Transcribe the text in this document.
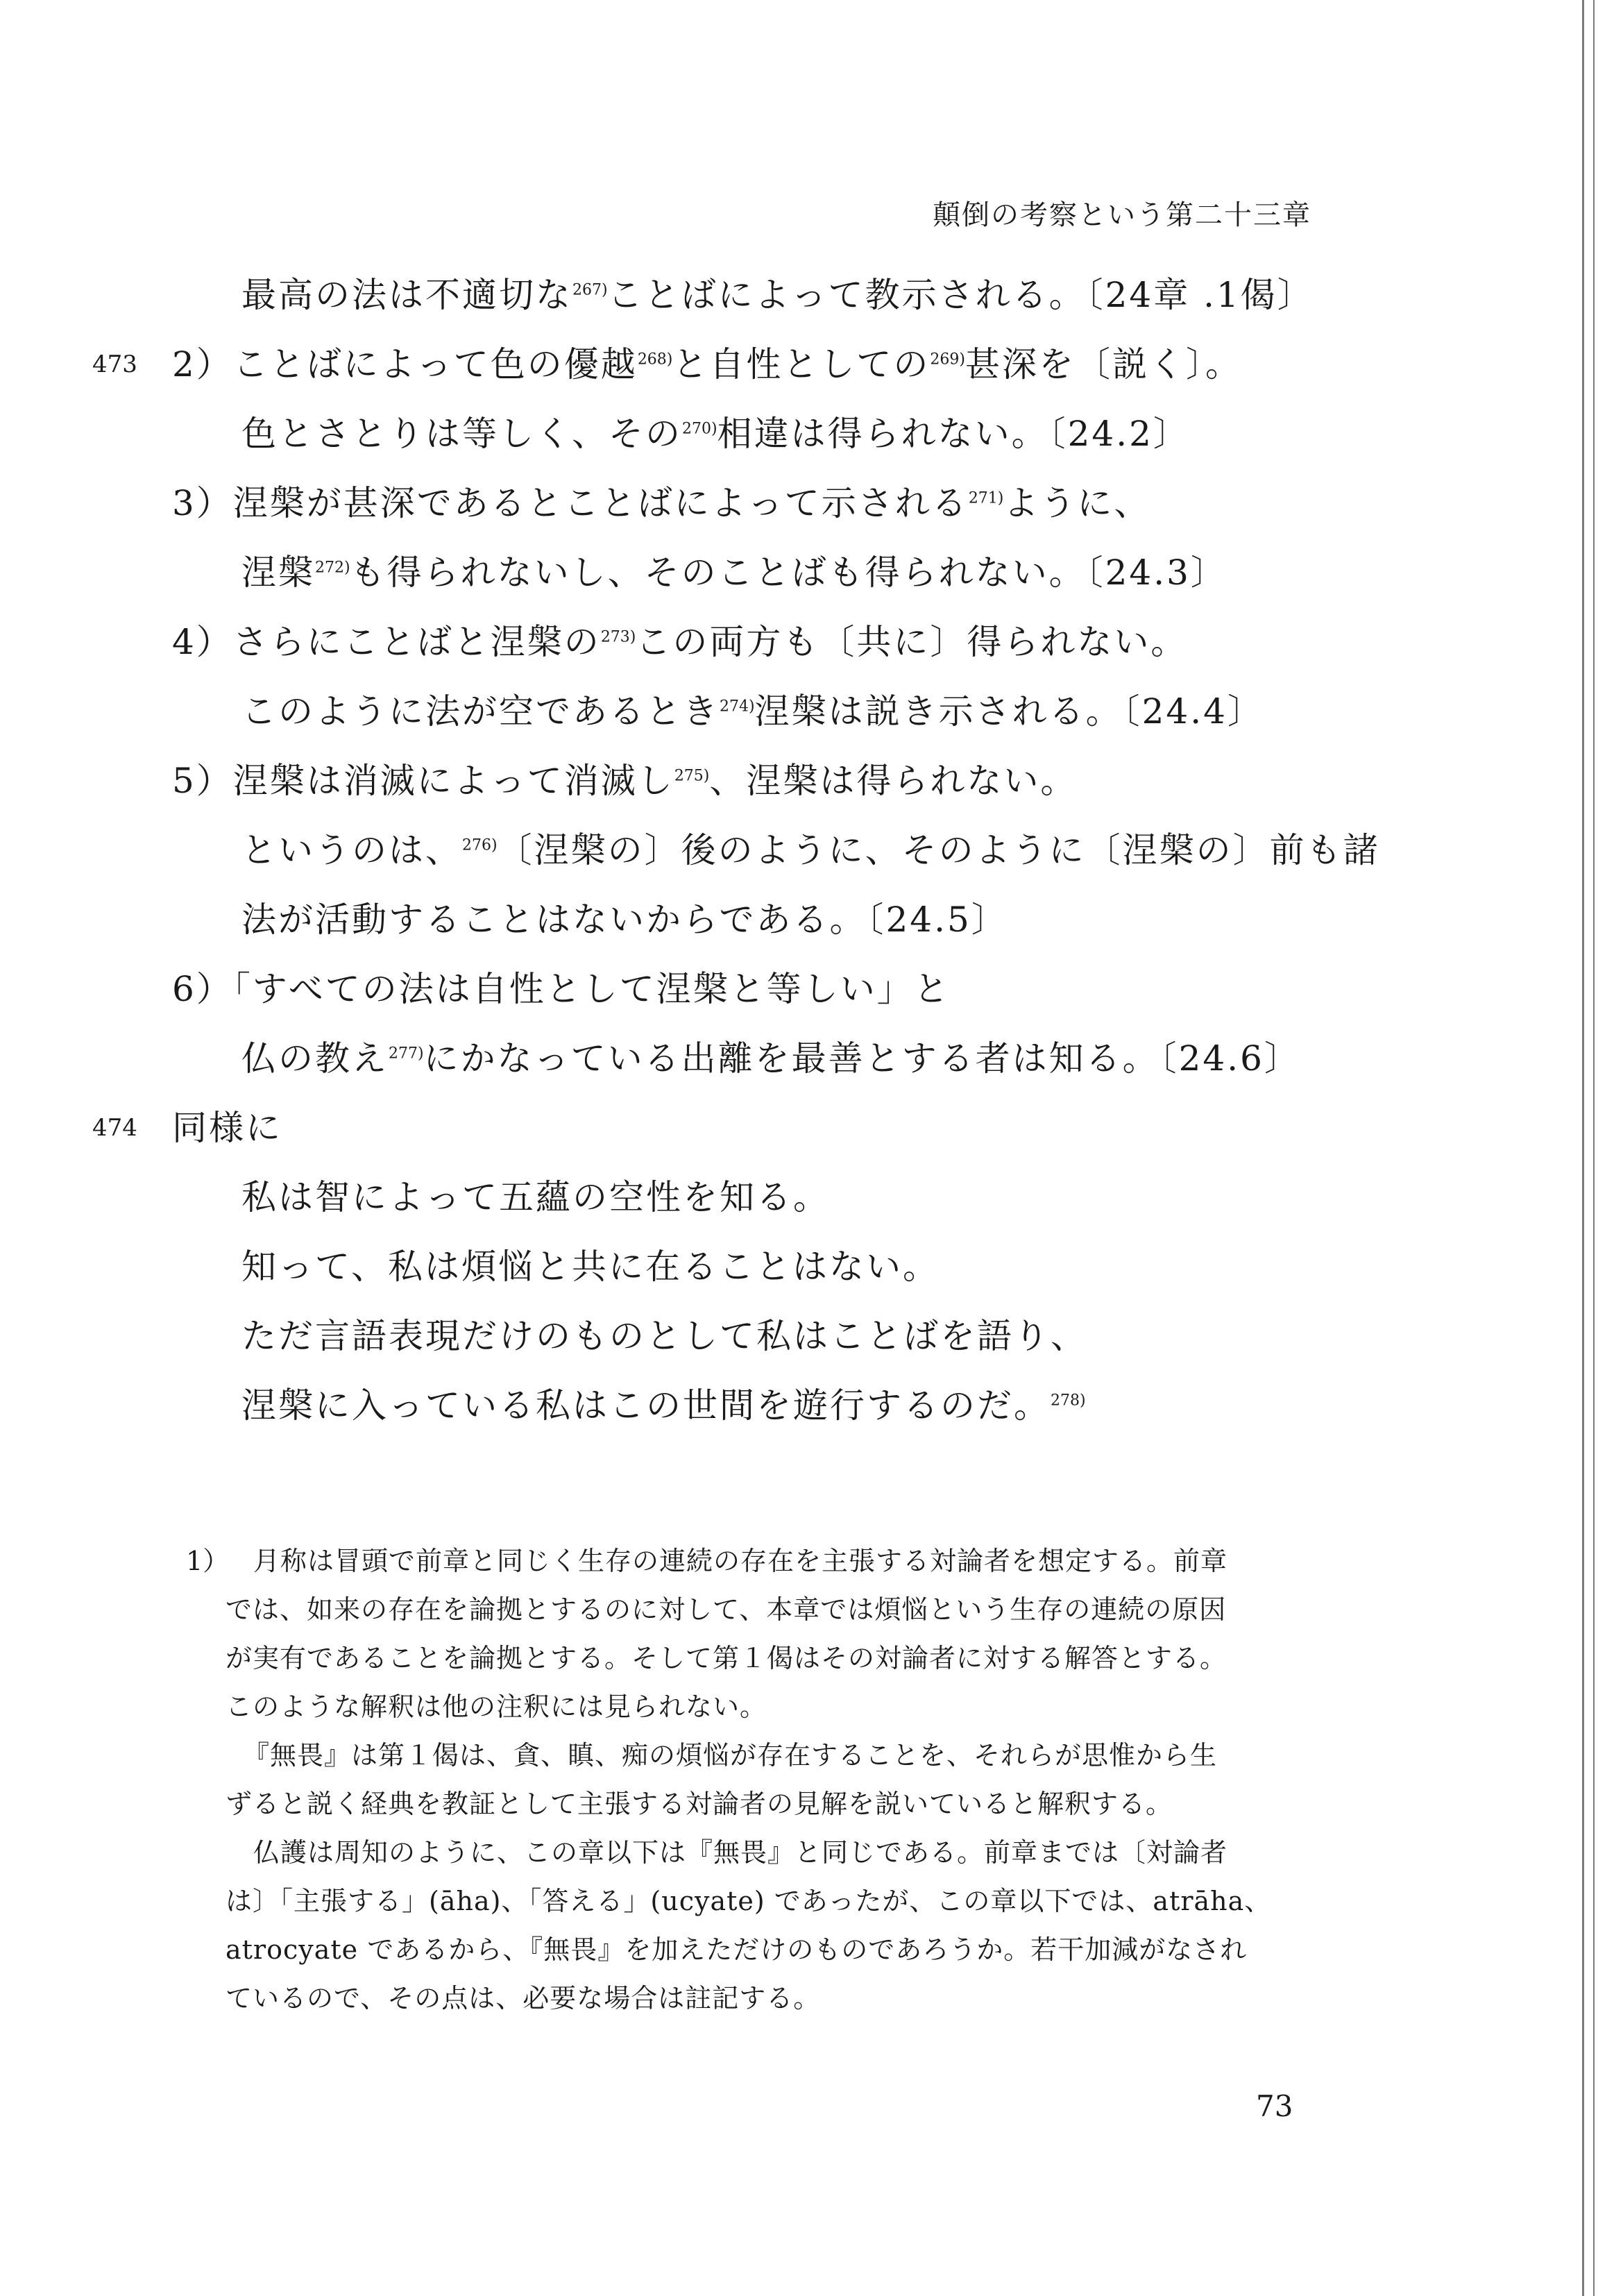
顛倒の考察という第二十三章
最高の法は不適切な$^{267)}$ことばによって教示される。〔24章 .1偈〕
473 2）ことばによって色の優越$^{268)}$と自性としての$^{269)}$甚深を〔説く〕。
色とさとりは等しく、その$^{270)}$相違は得られない。〔24.2〕
3）涅槃が甚深であるとことばによって示される$^{271)}$ように、
涅槃$^{272)}$も得られないし、そのことばも得られない。〔24.3〕
4）さらにことばと涅槃の$^{273)}$この両方も〔共に〕得られない。
このように法が空であるとき$^{274)}$涅槃は説き示される。〔24.4〕
5）涅槃は消滅によって消滅し$^{275)}$、涅槃は得られない。
というのは、$^{276)}$〔涅槃の〕後のように、そのように〔涅槃の〕前も諸
法が活動することはないからである。〔24.5〕
6）「すべての法は自性として涅槃と等しい」と
仏の教え$^{277)}$にかなっている出離を最善とする者は知る。〔24.6〕
474 同様に
私は智によって五蘊の空性を知る。
知って、私は煩悩と共に在ることはない。
ただ言語表現だけのものとして私はことばを語り、
涅槃に入っている私はこの世間を遊行するのだ。$^{278)}$
1） 月称は冒頭で前章と同じく生存の連続の存在を主張する対論者を想定する。前章
では、如来の存在を論拠とするのに対して、本章では煩悩という生存の連続の原因
が実有であることを論拠とする。そして第１偈はその対論者に対する解答とする。
このような解釈は他の注釈には見られない。
『無畏』は第１偈は、貪、瞋、痴の煩悩が存在することを、それらが思惟から生
ずると説く経典を教証として主張する対論者の見解を説いていると解釈する。
仏護は周知のように、この章以下は『無畏』と同じである。前章までは〔対論者
は〕「主張する」(āha)、「答える」(ucyate) であったが、この章以下では、atrāha、
atrocyate であるから、『無畏』を加えただけのものであろうか。若干加減がなされ
ているので、その点は、必要な場合は註記する。
73
